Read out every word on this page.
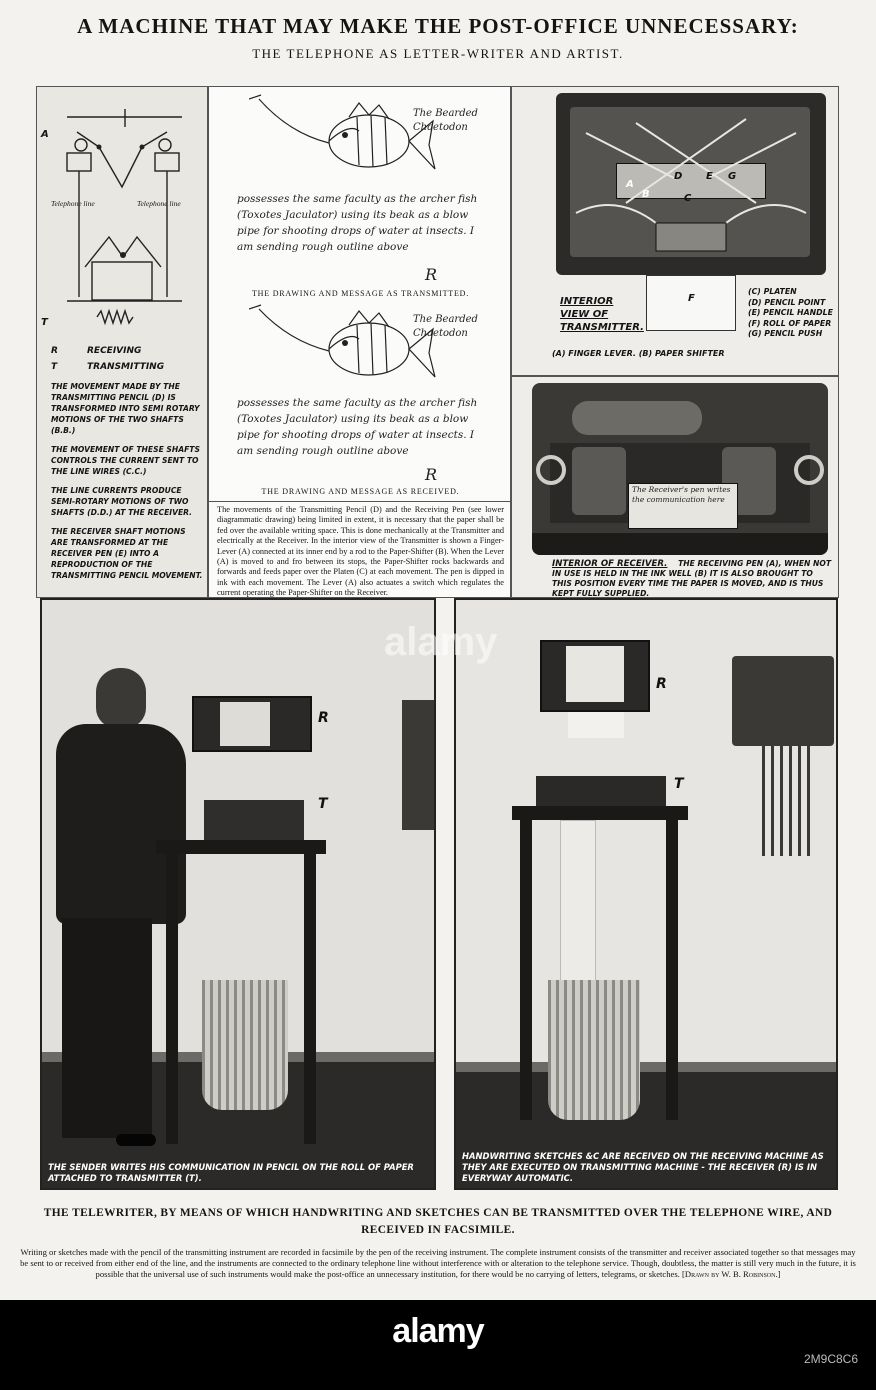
A MACHINE THAT MAY MAKE THE POST-OFFICE UNNECESSARY:
THE TELEPHONE AS LETTER-WRITER AND ARTIST.
A
T
Telephone line	Telephone line
R	RECEIVING
T	TRANSMITTING

THE MOVEMENT MADE BY THE TRANSMITTING PENCIL (D) IS TRANSFORMED INTO SEMI ROTARY MOTIONS OF THE TWO SHAFTS (B.B.)

THE MOVEMENT OF THESE SHAFTS CONTROLS THE CURRENT SENT TO THE LINE WIRES (C.C.)

THE LINE CURRENTS PRODUCE SEMI-ROTARY MOTIONS OF TWO SHAFTS (D.D.) AT THE RECEIVER.

THE RECEIVER SHAFT MOTIONS ARE TRANSFORMED AT THE RECEIVER PEN (E) INTO A REPRODUCTION OF THE TRANSMITTING PENCIL MOVEMENT.

The Bearded Chaetodon

possesses the same faculty as the archer fish (Toxotes Jaculator) using its beak as a blow pipe for shooting drops of water at insects. I am sending rough outline above

R
THE DRAWING AND MESSAGE AS TRANSMITTED.
The Bearded Chaetodon

possesses the same faculty as the archer fish (Toxotes Jaculator) using its beak as a blow pipe for shooting drops of water at insects. I am sending rough outline above

R
THE DRAWING AND MESSAGE AS RECEIVED.

The movements of the Transmitting Pencil (D) and the Receiving Pen (see lower diagrammatic drawing) being limited in extent, it is necessary that the paper shall be fed over the available writing space. This is done mechanically at the Transmitter and electrically at the Receiver. In the interior view of the Transmitter is shown a Finger-Lever (A) connected at its inner end by a rod to the Paper-Shifter (B). When the Lever (A) is moved to and fro between its stops, the Paper-Shifter rocks backwards and forwards and feeds paper over the Platen (C) at each movement. The pen is dipped in ink with each movement. The Lever (A) also actuates a switch which regulates the current operating the Paper-Shifter on the Receiver.

A
B	C
D E G
F
INTERIOR VIEW OF TRANSMITTER.
(C) PLATEN
(D) PENCIL POINT
(E) PENCIL HANDLE
(F) ROLL OF PAPER
(G) PENCIL PUSH
(A) FINGER LEVER. (B) PAPER SHIFTER
The Receiver's pen writes the communication here
INTERIOR OF RECEIVER. THE RECEIVING PEN (A), WHEN NOT IN USE IS HELD IN THE INK WELL (B) IT IS ALSO BROUGHT TO THIS POSITION EVERY TIME THE PAPER IS MOVED, AND IS THUS KEPT FULLY SUPPLIED.
R
T
THE SENDER WRITES HIS COMMUNICATION IN PENCIL ON THE ROLL OF PAPER ATTACHED TO TRANSMITTER (T).
R
T
HANDWRITING SKETCHES &C ARE RECEIVED ON THE RECEIVING MACHINE AS THEY ARE EXECUTED ON TRANSMITTING MACHINE - THE RECEIVER (R) IS IN EVERYWAY AUTOMATIC.
alamy
THE TELEWRITER, BY MEANS OF WHICH HANDWRITING AND SKETCHES CAN BE TRANSMITTED OVER THE TELEPHONE WIRE, AND RECEIVED IN FACSIMILE.
Writing or sketches made with the pencil of the transmitting instrument are recorded in facsimile by the pen of the receiving instrument. The complete instrument consists of the transmitter and receiver associated together so that messages may be sent to or received from either end of the line, and the instruments are connected to the ordinary telephone line without interference with or alteration to the telephone service. Though, doubtless, the matter is still very much in the future, it is possible that the universal use of such instruments would make the post-office an unnecessary institution, for there would be no carrying of letters, telegrams, or sketches. [Drawn by W. B. Robinson.]
alamy
2M9C8C6
